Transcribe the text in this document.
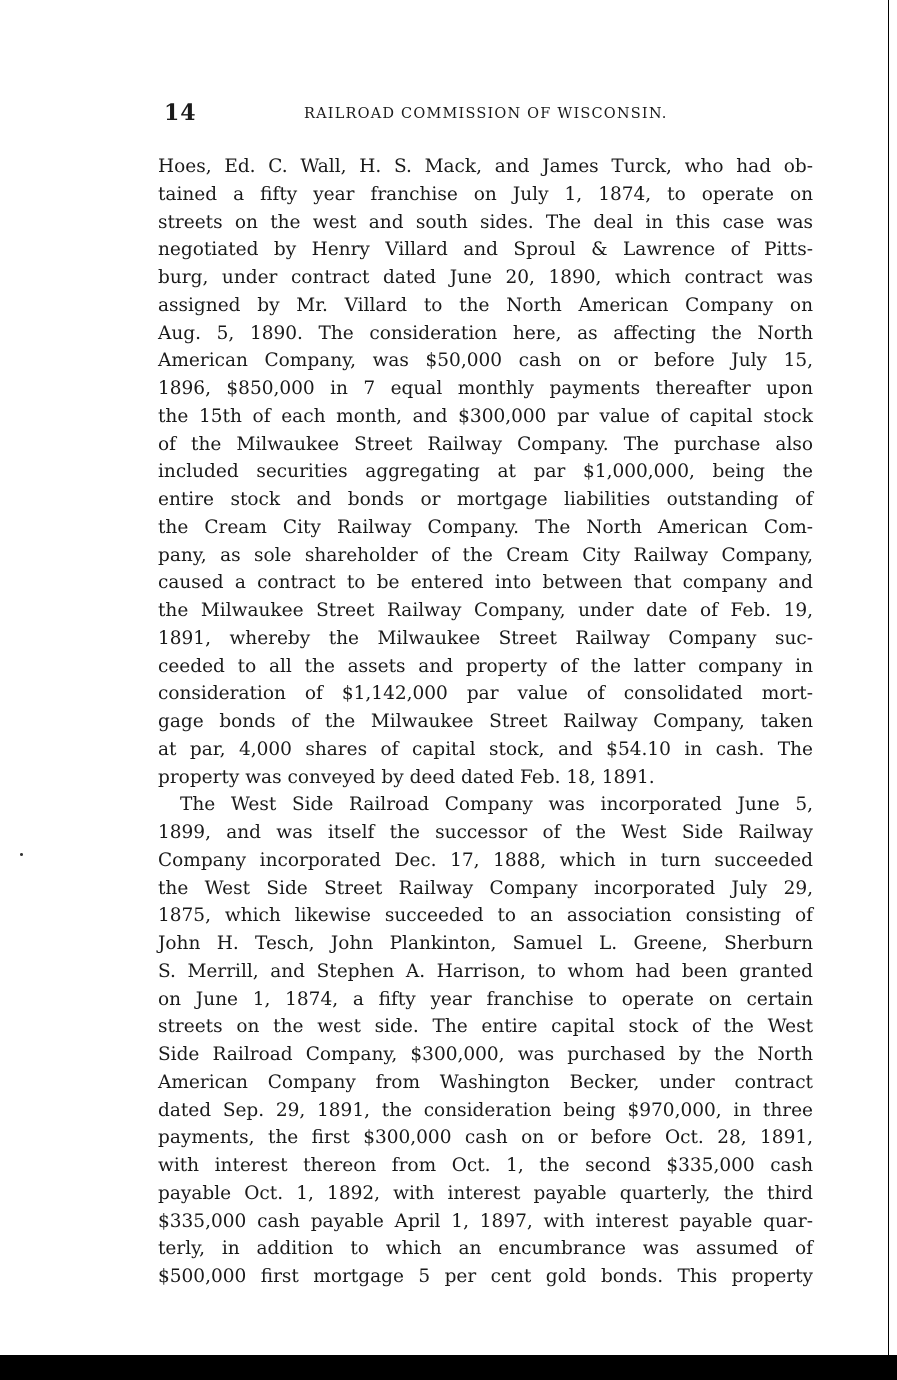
14	RAILROAD COMMISSION OF WISCONSIN.
Hoes, Ed. C. Wall, H. S. Mack, and James Turck, who had ob-
tained a fifty year franchise on July 1, 1874, to operate on
streets on the west and south sides. The deal in this case was
negotiated by Henry Villard and Sproul & Lawrence of Pitts-
burg, under contract dated June 20, 1890, which contract was
assigned by Mr. Villard to the North American Company on
Aug. 5, 1890. The consideration here, as affecting the North
American Company, was $50,000 cash on or before July 15,
1896, $850,000 in 7 equal monthly payments thereafter upon
the 15th of each month, and $300,000 par value of capital stock
of the Milwaukee Street Railway Company. The purchase also
included securities aggregating at par $1,000,000, being the
entire stock and bonds or mortgage liabilities outstanding of
the Cream City Railway Company. The North American Com-
pany, as sole shareholder of the Cream City Railway Company,
caused a contract to be entered into between that company and
the Milwaukee Street Railway Company, under date of Feb. 19,
1891, whereby the Milwaukee Street Railway Company suc-
ceeded to all the assets and property of the latter company in
consideration of $1,142,000 par value of consolidated mort-
gage bonds of the Milwaukee Street Railway Company, taken
at par, 4,000 shares of capital stock, and $54.10 in cash. The
property was conveyed by deed dated Feb. 18, 1891.
The West Side Railroad Company was incorporated June 5,
1899, and was itself the successor of the West Side Railway
Company incorporated Dec. 17, 1888, which in turn succeeded
the West Side Street Railway Company incorporated July 29,
1875, which likewise succeeded to an association consisting of
John H. Tesch, John Plankinton, Samuel L. Greene, Sherburn
S. Merrill, and Stephen A. Harrison, to whom had been granted
on June 1, 1874, a fifty year franchise to operate on certain
streets on the west side. The entire capital stock of the West
Side Railroad Company, $300,000, was purchased by the North
American Company from Washington Becker, under contract
dated Sep. 29, 1891, the consideration being $970,000, in three
payments, the first $300,000 cash on or before Oct. 28, 1891,
with interest thereon from Oct. 1, the second $335,000 cash
payable Oct. 1, 1892, with interest payable quarterly, the third
$335,000 cash payable April 1, 1897, with interest payable quar-
terly, in addition to which an encumbrance was assumed of
$500,000 first mortgage 5 per cent gold bonds. This property
